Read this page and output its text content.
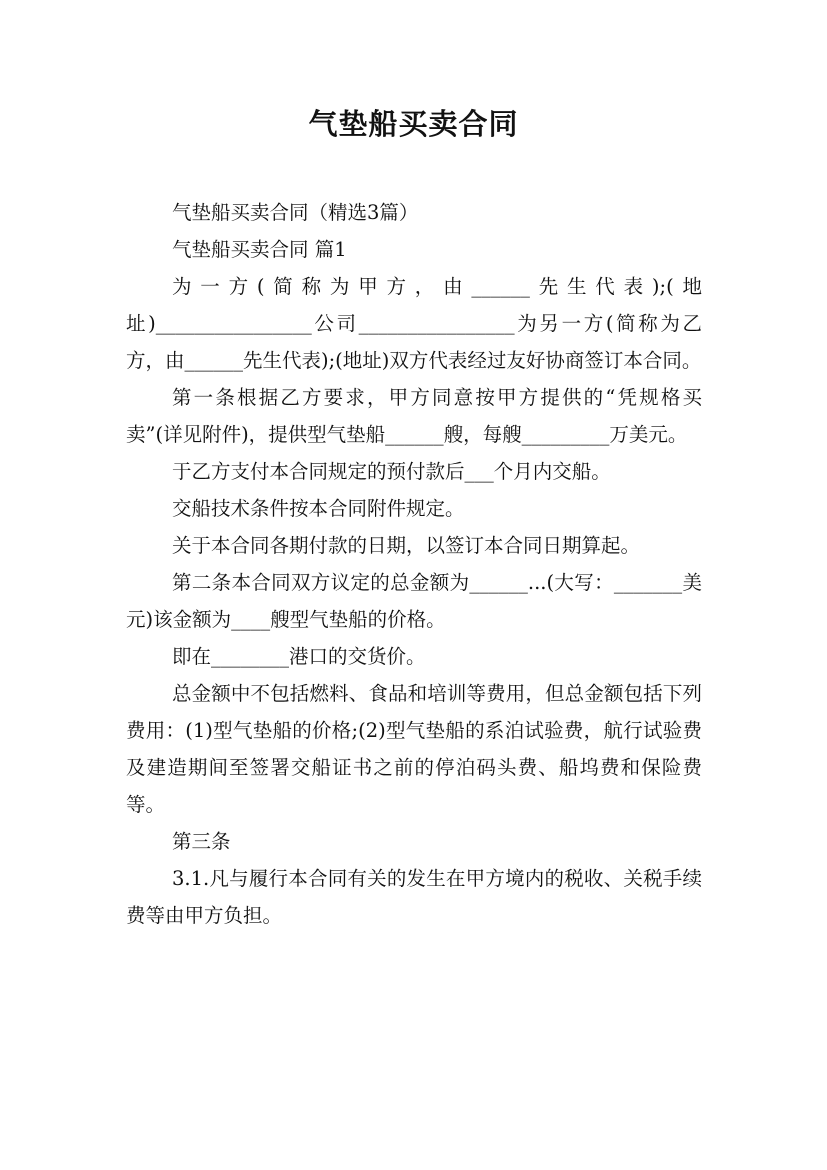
气垫船买卖合同

气垫船买卖合同（精选3篇）

气垫船买卖合同 篇1

为一方(简称为甲方，由______先生代表);(地址)________________公司________________为另一方(简称为乙方，由______先生代表);(地址)双方代表经过友好协商签订本合同。

第一条根据乙方要求，甲方同意按甲方提供的“凭规格买卖”(详见附件)，提供型气垫船______艘，每艘_________万美元。

于乙方支付本合同规定的预付款后___个月内交船。

交船技术条件按本合同附件规定。

关于本合同各期付款的日期，以签订本合同日期算起。

第二条本合同双方议定的总金额为______...(大写：_______美元)该金额为____艘型气垫船的价格。

即在________港口的交货价。

总金额中不包括燃料、食品和培训等费用，但总金额包括下列费用：(1)型气垫船的价格;(2)型气垫船的系泊试验费，航行试验费及建造期间至签署交船证书之前的停泊码头费、船坞费和保险费等。

第三条

3.1.凡与履行本合同有关的发生在甲方境内的税收、关税手续费等由甲方负担。
